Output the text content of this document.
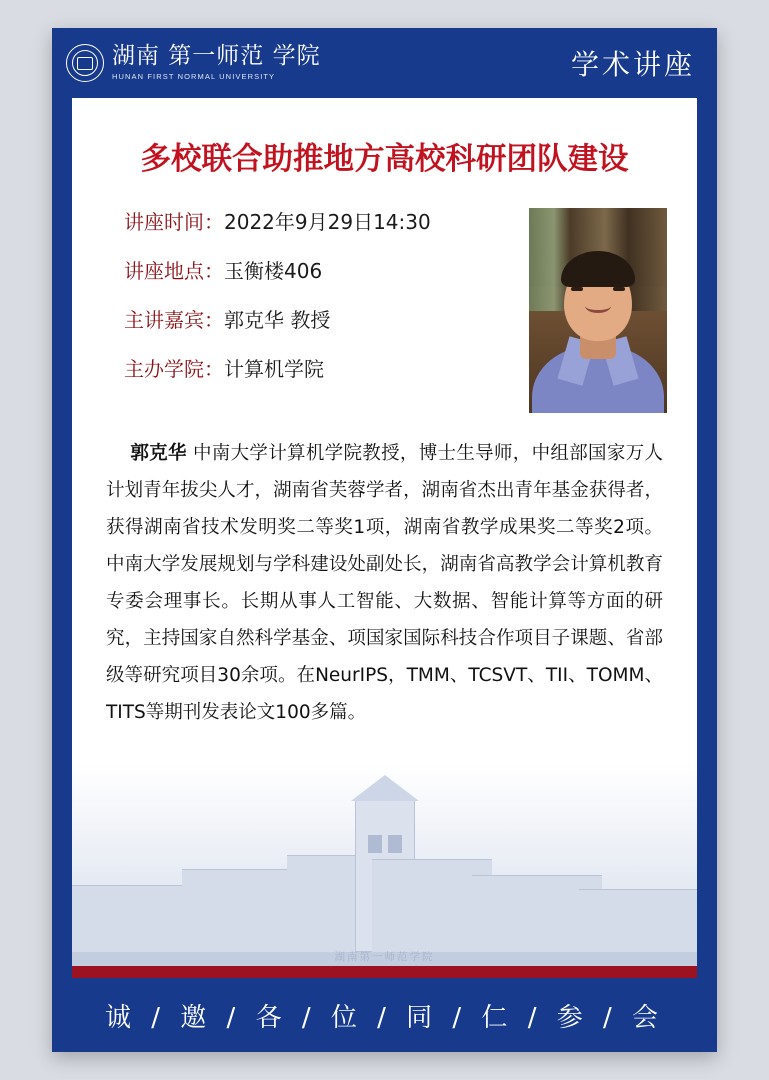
湖南 第一师范 学院
HUNAN FIRST NORMAL UNIVERSITY	学术讲座
多校联合助推地方高校科研团队建设
讲座时间：2022年9月29日14:30
讲座地点：玉衡楼406
主讲嘉宾：郭克华 教授
主办学院：计算机学院
郭克华 中南大学计算机学院教授，博士生导师，中组部国家万人计划青年拔尖人才，湖南省芙蓉学者，湖南省杰出青年基金获得者，获得湖南省技术发明奖二等奖1项，湖南省教学成果奖二等奖2项。中南大学发展规划与学科建设处副处长，湖南省高教学会计算机教育专委会理事长。长期从事人工智能、大数据、智能计算等方面的研究，主持国家自然科学基金、项国家国际科技合作项目子课题、省部级等研究项目30余项。在NeurIPS，TMM、TCSVT、TII、TOMM、TITS等期刊发表论文100多篇。
湖南第一师范学院
诚 / 邀 / 各 / 位 / 同 / 仁 / 参 / 会
